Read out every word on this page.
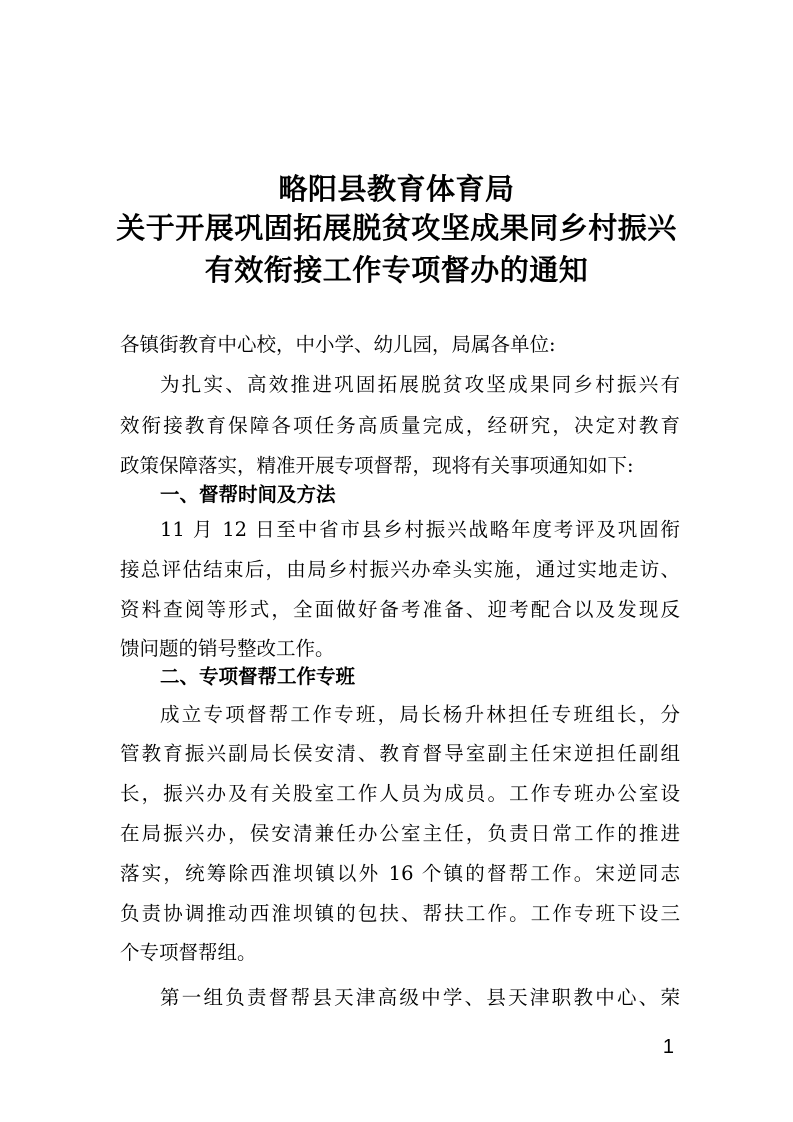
略阳县教育体育局
关于开展巩固拓展脱贫攻坚成果同乡村振兴
有效衔接工作专项督办的通知
各镇街教育中心校，中小学、幼儿园，局属各单位:
为扎实、高效推进巩固拓展脱贫攻坚成果同乡村振兴有
效衔接教育保障各项任务高质量完成，经研究，决定对教育
政策保障落实，精准开展专项督帮，现将有关事项通知如下:
一、督帮时间及方法
11 月 12 日至中省市县乡村振兴战略年度考评及巩固衔
接总评估结束后，由局乡村振兴办牵头实施，通过实地走访、
资料查阅等形式，全面做好备考准备、迎考配合以及发现反
馈问题的销号整改工作。
二、专项督帮工作专班
成立专项督帮工作专班，局长杨升林担任专班组长，分
管教育振兴副局长侯安清、教育督导室副主任宋逆担任副组
长，振兴办及有关股室工作人员为成员。工作专班办公室设
在局振兴办，侯安清兼任办公室主任，负责日常工作的推进
落实，统筹除西淮坝镇以外 16 个镇的督帮工作。宋逆同志
负责协调推动西淮坝镇的包扶、帮扶工作。工作专班下设三
个专项督帮组。
第一组负责督帮县天津高级中学、县天津职教中心、荣
1
